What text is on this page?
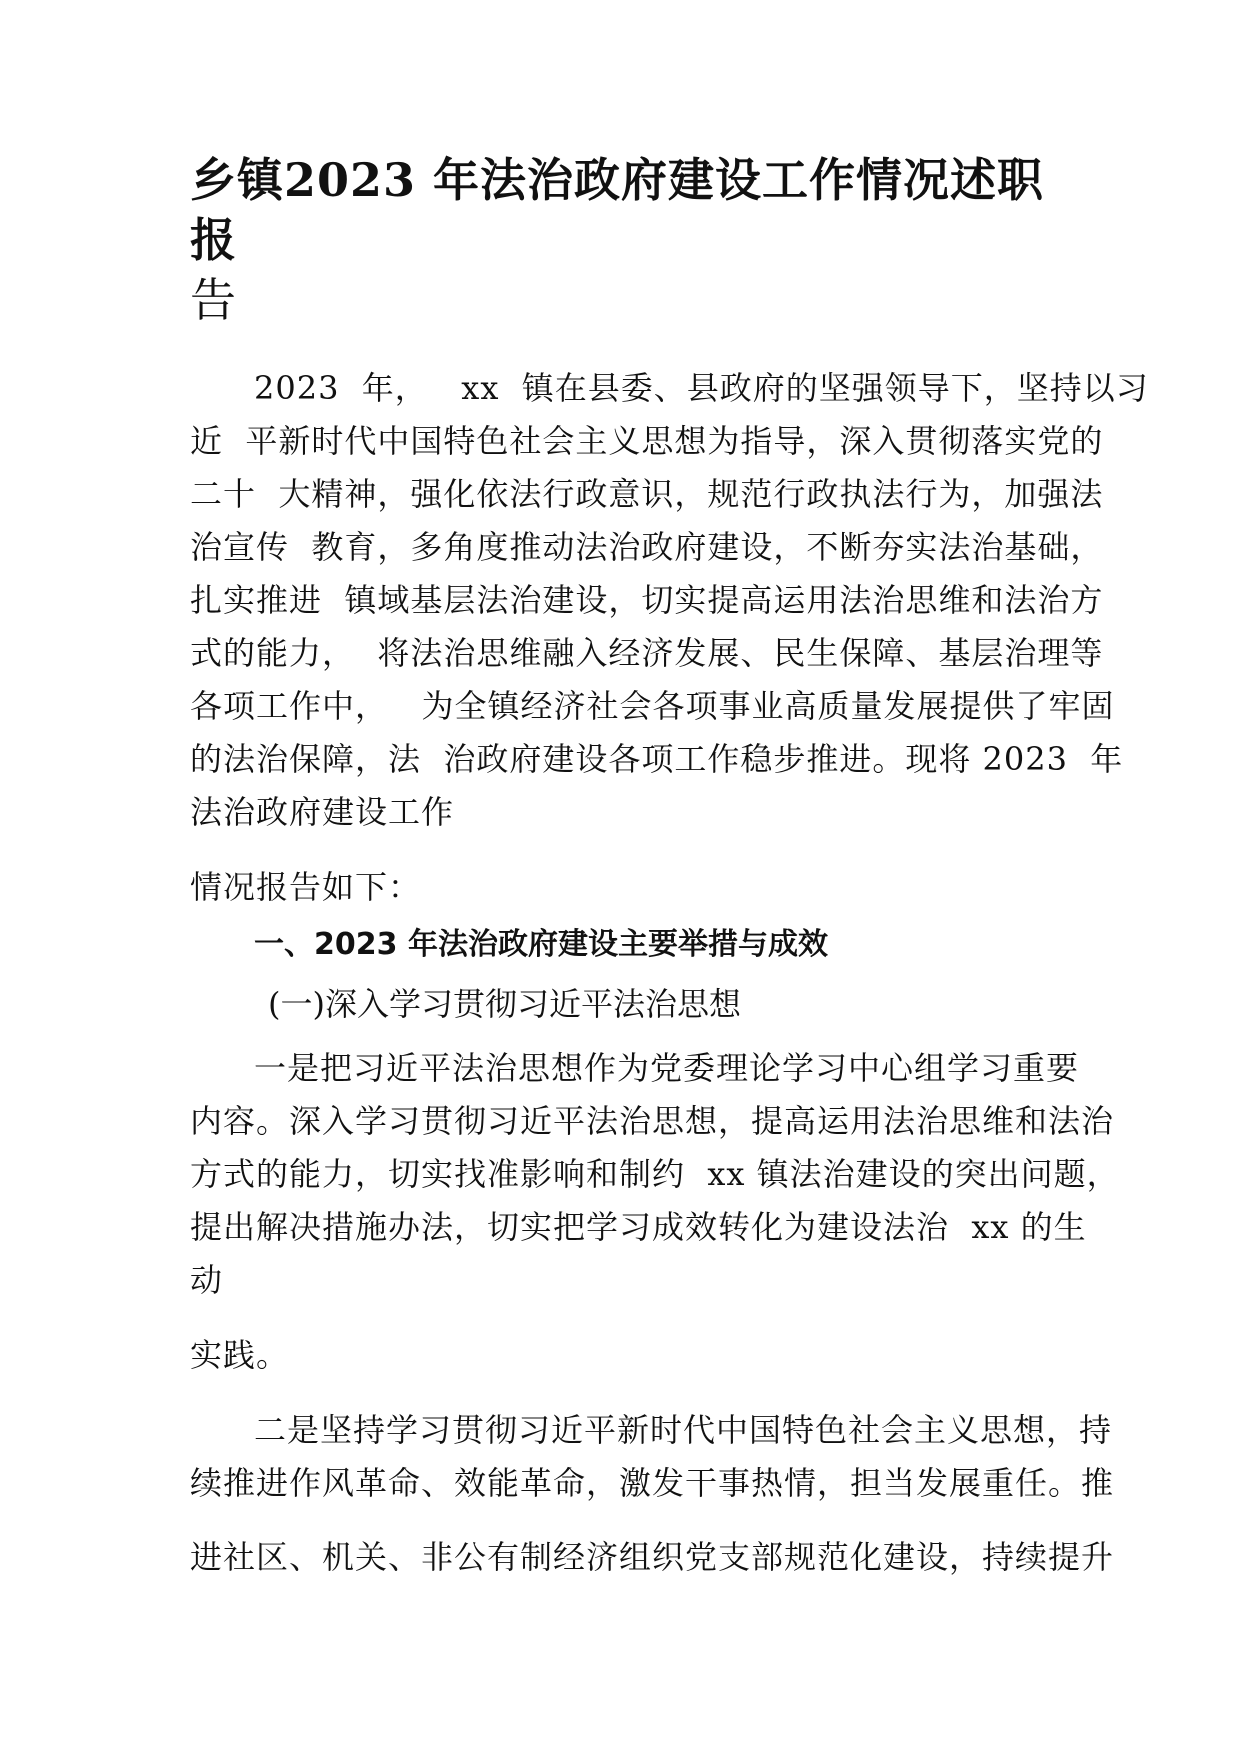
乡镇2023 年法治政府建设工作情况述职报
告
2023  年，   xx  镇在县委、县政府的坚强领导下，坚持以习
近  平新时代中国特色社会主义思想为指导，深入贯彻落实党的
二十  大精神，强化依法行政意识，规范行政执法行为，加强法
治宣传  教育，多角度推动法治政府建设，不断夯实法治基础，
扎实推进  镇域基层法治建设，切实提高运用法治思维和法治方
式的能力，  将法治思维融入经济发展、民生保障、基层治理等
各项工作中，   为全镇经济社会各项事业高质量发展提供了牢固
的法治保障，法  治政府建设各项工作稳步推进。现将 2023  年
法治政府建设工作
情况报告如下：
一、2023 年法治政府建设主要举措与成效
(一)深入学习贯彻习近平法治思想
一是把习近平法治思想作为党委理论学习中心组学习重要
内容。深入学习贯彻习近平法治思想，提高运用法治思维和法治
方式的能力，切实找准影响和制约  xx 镇法治建设的突出问题，
提出解决措施办法，切实把学习成效转化为建设法治  xx 的生
动
实践。
二是坚持学习贯彻习近平新时代中国特色社会主义思想，持
续推进作风革命、效能革命，激发干事热情，担当发展重任。推
进社区、机关、非公有制经济组织党支部规范化建设，持续提升
